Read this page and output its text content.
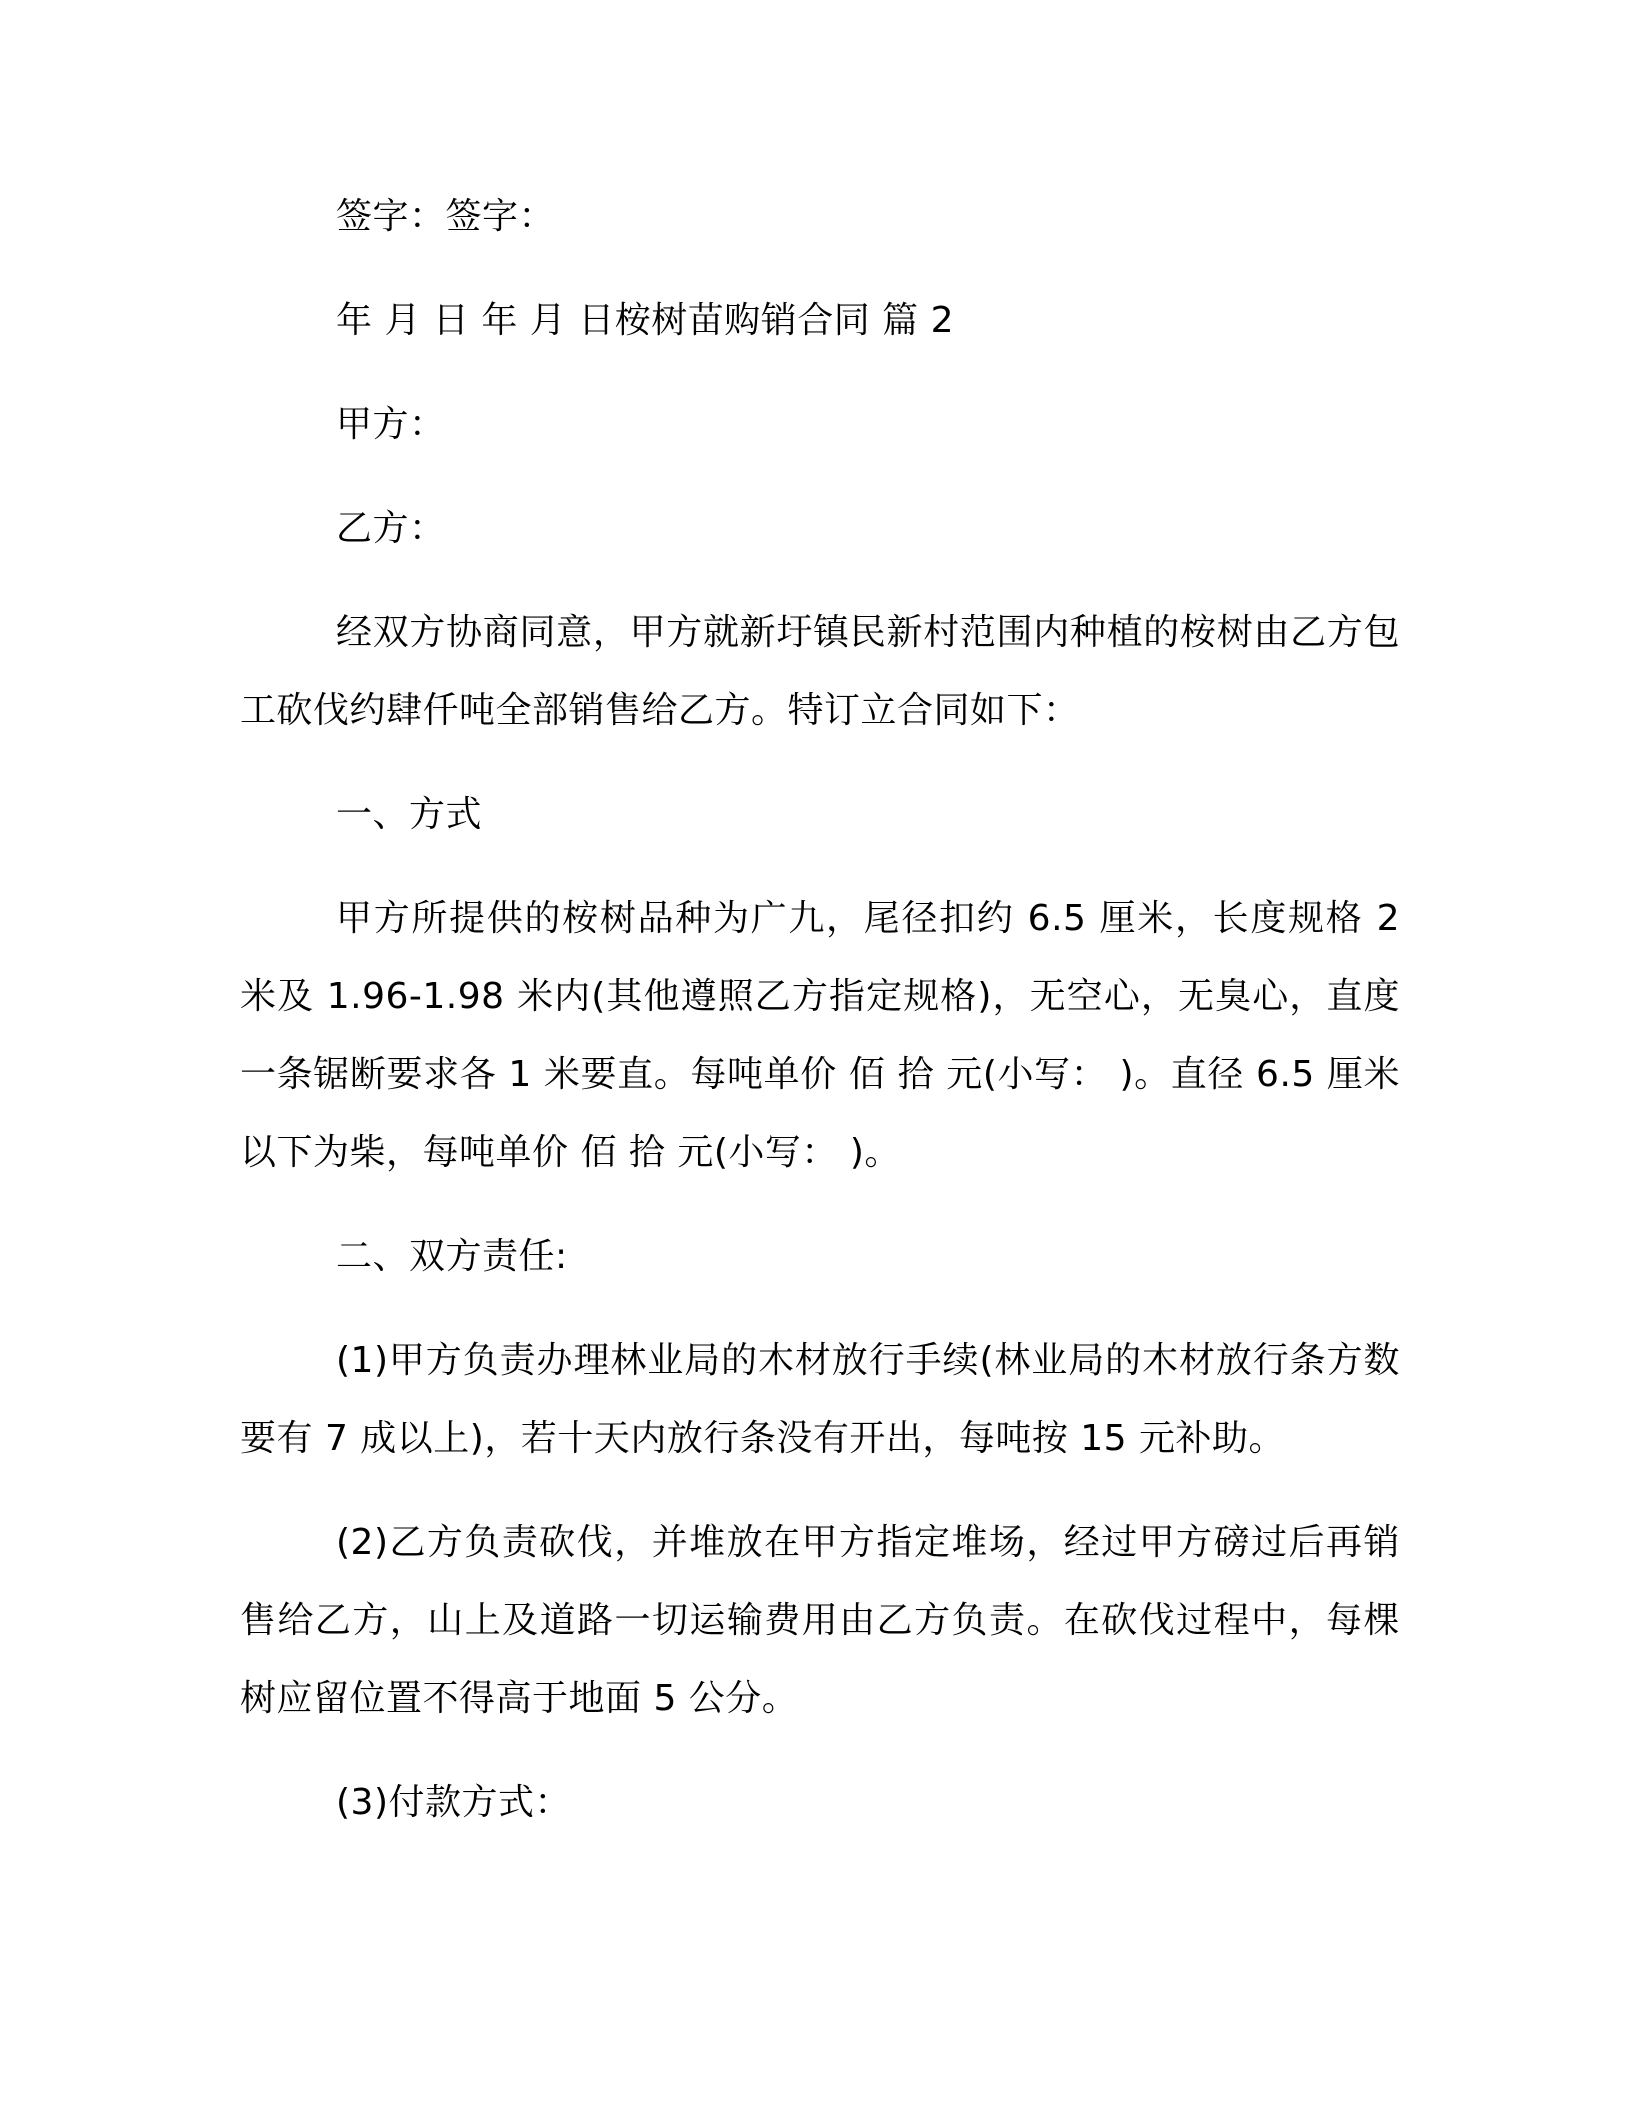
签字：签字：
年 月 日 年 月 日桉树苗购销合同 篇 2
甲方：
乙方：
经双方协商同意，甲方就新圩镇民新村范围内种植的桉树由乙方包工砍伐约肆仟吨全部销售给乙方。特订立合同如下：
一、方式
甲方所提供的桉树品种为广九，尾径扣约 6.5 厘米，长度规格 2 米及 1.96-1.98 米内(其他遵照乙方指定规格)，无空心，无臭心，直度一条锯断要求各 1 米要直。每吨单价 佰 拾 元(小写： )。直径 6.5 厘米以下为柴，每吨单价 佰 拾 元(小写： )。
二、双方责任:
(1)甲方负责办理林业局的木材放行手续(林业局的木材放行条方数要有 7 成以上)，若十天内放行条没有开出，每吨按 15 元补助。
(2)乙方负责砍伐，并堆放在甲方指定堆场，经过甲方磅过后再销售给乙方，山上及道路一切运输费用由乙方负责。在砍伐过程中，每棵树应留位置不得高于地面 5 公分。
(3)付款方式：
